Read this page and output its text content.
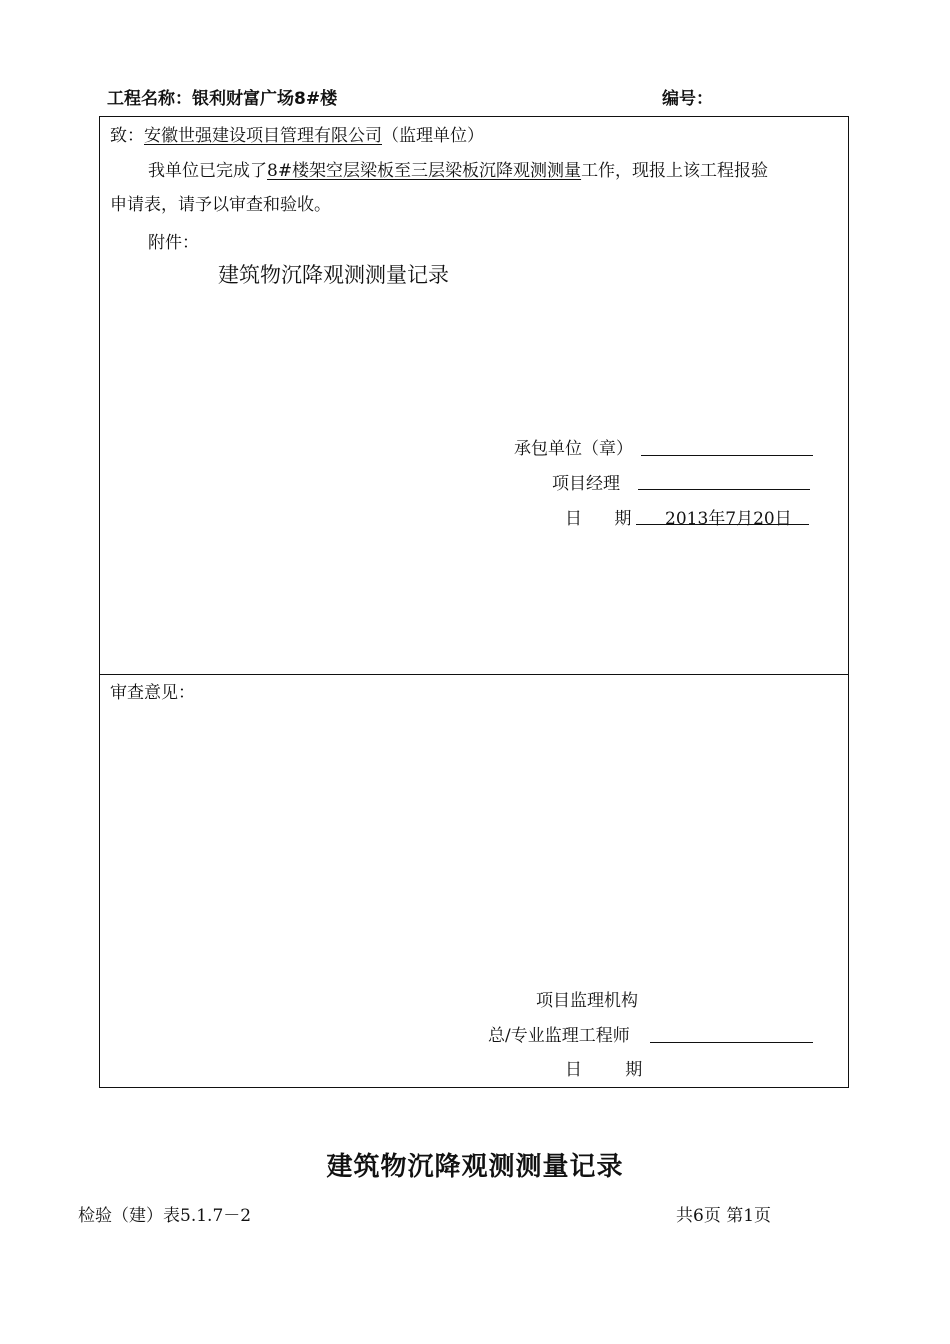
工程名称：银利财富广场8#楼	编号：
致：安徽世强建设项目管理有限公司（监理单位）
我单位已完成了8#楼架空层梁板至三层梁板沉降观测测量工作，现报上该工程报验
申请表，请予以审查和验收。
附件：
建筑物沉降观测测量记录
承包单位（章）
项目经理
日      期 2013年7月20日
审查意见：
项目监理机构
总/专业监理工程师
日        期
建筑物沉降观测测量记录
检验（建）表5.1.7－2	共6页 第1页
